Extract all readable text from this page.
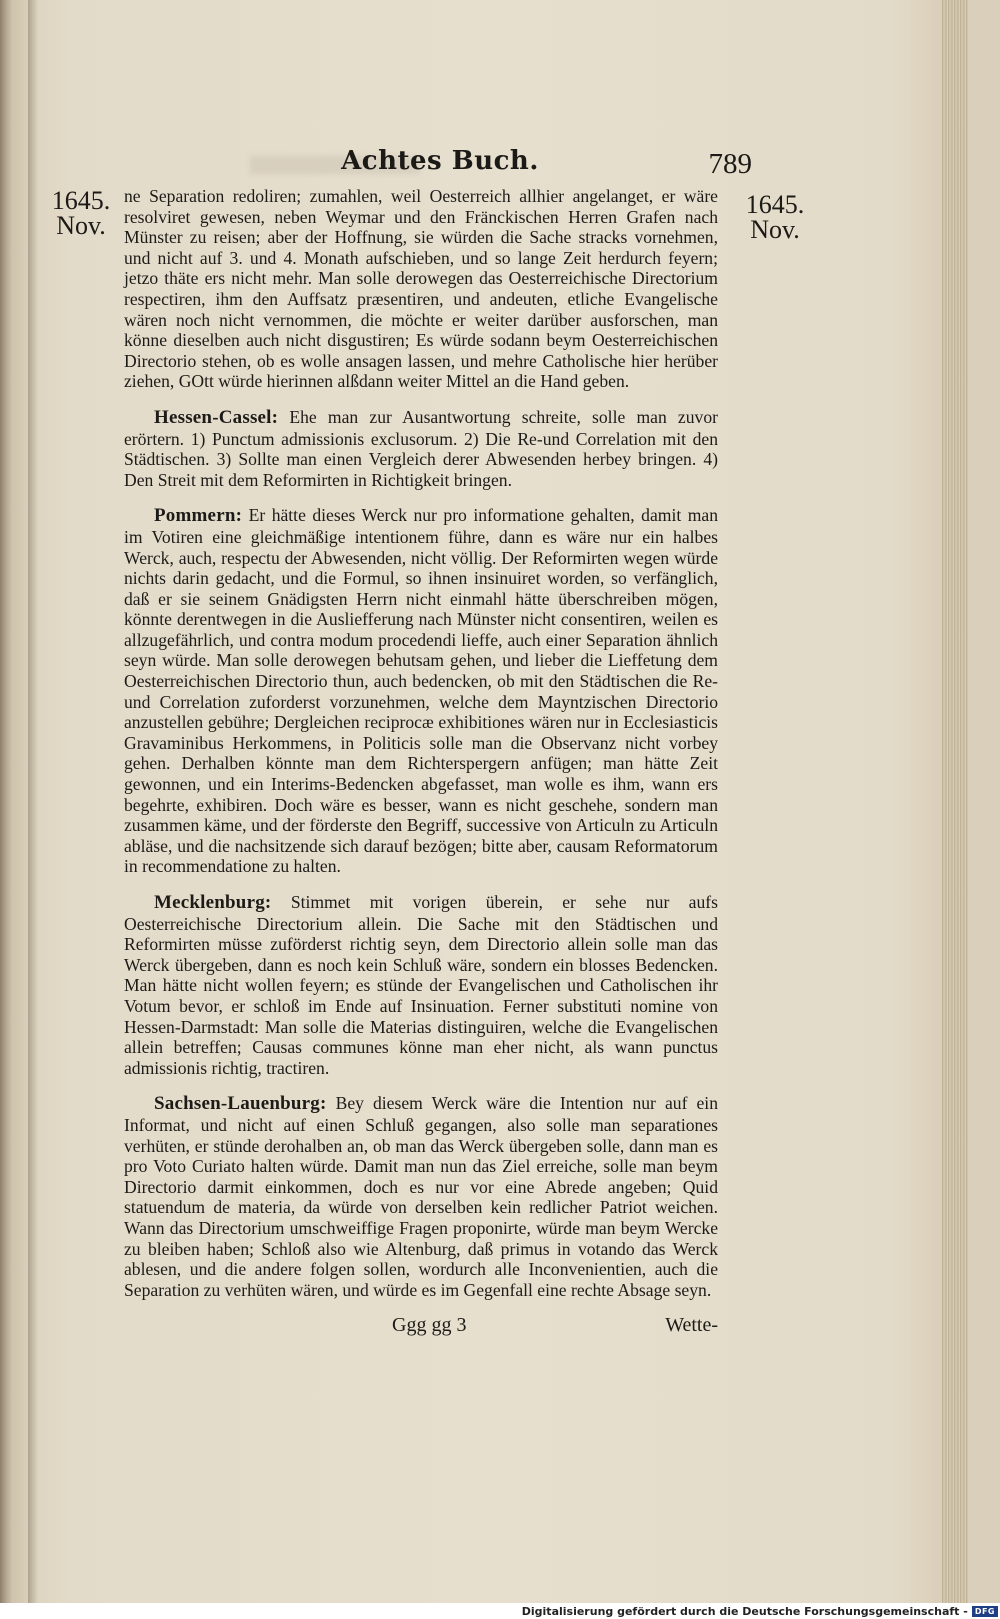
Achtes Buch.	789
1645.
Nov.
1645.
Nov.

ne Separation redoliren; zumahlen, weil Oesterreich allhier angelanget, er wäre resolviret gewesen, neben Weymar und den Fränckischen Herren Grafen nach Münster zu reisen; aber der Hoffnung, sie würden die Sache stracks vornehmen, und nicht auf 3. und 4. Monath aufschieben, und so lange Zeit herdurch feyern; jetzo thäte ers nicht mehr. Man solle derowegen das Oesterreichische Directorium respectiren, ihm den Auffsatz præsentiren, und andeuten, etliche Evangelische wären noch nicht vernommen, die möchte er weiter darüber ausforschen, man könne dieselben auch nicht disgustiren; Es würde sodann beym Oesterreichischen Directorio stehen, ob es wolle ansagen lassen, und mehre Catholische hier herüber ziehen, GOtt würde hierinnen alßdann weiter Mittel an die Hand geben.

Hessen-Cassel: Ehe man zur Ausantwortung schreite, solle man zuvor erörtern. 1) Punctum admissionis exclusorum. 2) Die Re-und Correlation mit den Städtischen. 3) Sollte man einen Vergleich derer Abwesenden herbey bringen. 4) Den Streit mit dem Reformirten in Richtigkeit bringen.

Pommern: Er hätte dieses Werck nur pro informatione gehalten, damit man im Votiren eine gleichmäßige intentionem führe, dann es wäre nur ein halbes Werck, auch, respectu der Abwesenden, nicht völlig. Der Reformirten wegen würde nichts darin gedacht, und die Formul, so ihnen insinuiret worden, so verfänglich, daß er sie seinem Gnädigsten Herrn nicht einmahl hätte überschreiben mögen, könnte derentwegen in die Ausliefferung nach Münster nicht consentiren, weilen es allzugefährlich, und contra modum procedendi lieffe, auch einer Separation ähnlich seyn würde. Man solle derowegen behutsam gehen, und lieber die Lieffetung dem Oesterreichischen Directorio thun, auch bedencken, ob mit den Städtischen die Re-und Correlation zuforderst vorzunehmen, welche dem Mayntzischen Directorio anzustellen gebühre; Dergleichen reciprocæ exhibitiones wären nur in Ecclesiasticis Gravaminibus Herkommens, in Politicis solle man die Observanz nicht vorbey gehen. Derhalben könnte man dem Richterspergern anfügen; man hätte Zeit gewonnen, und ein Interims-Bedencken abgefasset, man wolle es ihm, wann ers begehrte, exhibiren. Doch wäre es besser, wann es nicht geschehe, sondern man zusammen käme, und der förderste den Begriff, successive von Articuln zu Articuln abläse, und die nachsitzende sich darauf bezögen; bitte aber, causam Reformatorum in recommendatione zu halten.

Mecklenburg: Stimmet mit vorigen überein, er sehe nur aufs Oesterreichische Directorium allein. Die Sache mit den Städtischen und Reformirten müsse zuförderst richtig seyn, dem Directorio allein solle man das Werck übergeben, dann es noch kein Schluß wäre, sondern ein blosses Bedencken. Man hätte nicht wollen feyern; es stünde der Evangelischen und Catholischen ihr Votum bevor, er schloß im Ende auf Insinuation. Ferner substituti nomine von Hessen-Darmstadt: Man solle die Materias distinguiren, welche die Evangelischen allein betreffen; Causas communes könne man eher nicht, als wann punctus admissionis richtig, tractiren.

Sachsen-Lauenburg: Bey diesem Werck wäre die Intention nur auf ein Informat, und nicht auf einen Schluß gegangen, also solle man separationes verhüten, er stünde derohalben an, ob man das Werck übergeben solle, dann man es pro Voto Curiato halten würde. Damit man nun das Ziel erreiche, solle man beym Directorio darmit einkommen, doch es nur vor eine Abrede angeben; Quid statuendum de materia, da würde von derselben kein redlicher Patriot weichen. Wann das Directorium umschweiffige Fragen proponirte, würde man beym Wercke zu bleiben haben; Schloß also wie Altenburg, daß primus in votando das Werck ablesen, und die andere folgen sollen, wordurch alle Inconvenientien, auch die Separation zu verhüten wären, und würde es im Gegenfall eine rechte Absage seyn.

Ggg gg 3	Wette-
Digitalisierung gefördert durch die Deutsche Forschungsgemeinschaft - DFG
